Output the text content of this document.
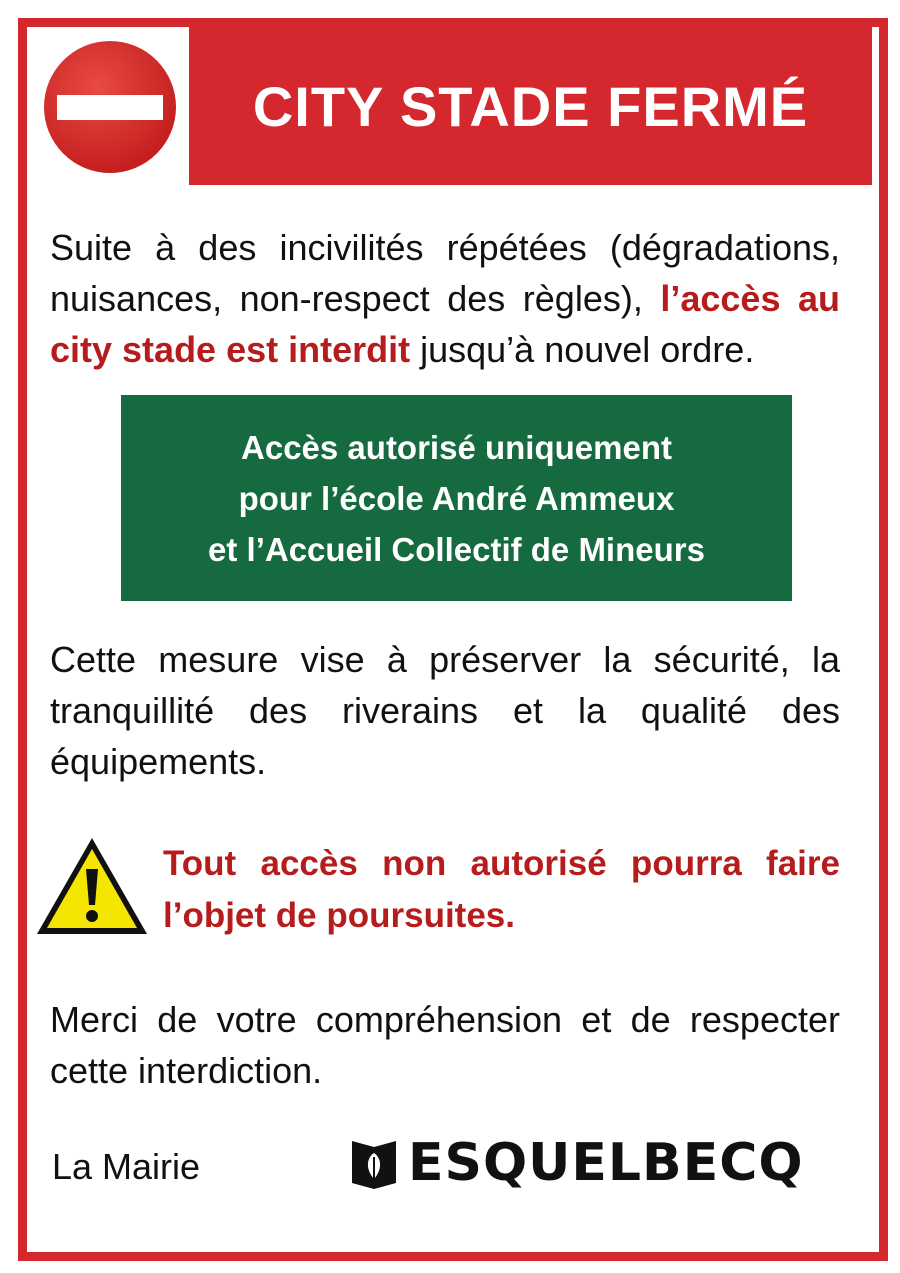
CITY STADE FERMÉ
Suite à des incivilités répétées (dégradations, nuisances, non-respect des règles), l’accès au city stade est interdit jusqu’à nouvel ordre.
Accès autorisé uniquement
pour l’école André Ammeux
et l’Accueil Collectif de Mineurs
Cette mesure vise à préserver la sécurité, la tranquillité des riverains et la qualité des équipements.
Tout accès non autorisé pourra faire l’objet de poursuites.
Merci de votre compréhension et de respecter cette interdiction.
La Mairie	ESQUELBECQ
